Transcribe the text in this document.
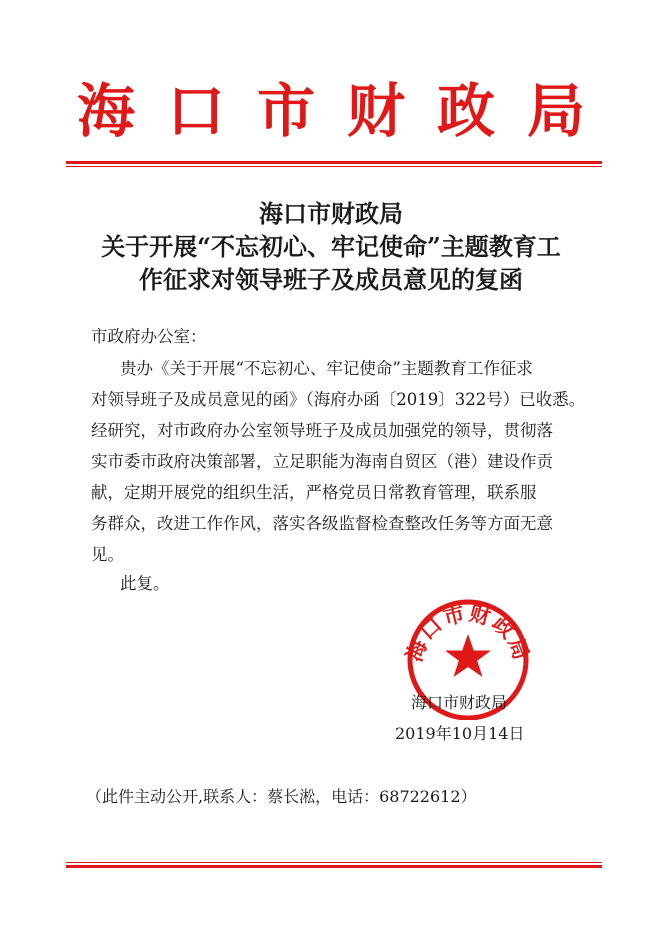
海口市财政局
海口市财政局
关于开展“不忘初心、牢记使命”主题教育工
作征求对领导班子及成员意见的复函
市政府办公室：
贵办《关于开展“不忘初心、牢记使命”主题教育工作征求
对领导班子及成员意见的函》（海府办函〔2019〕322号）已收悉。
经研究，对市政府办公室领导班子及成员加强党的领导，贯彻落
实市委市政府决策部署，立足职能为海南自贸区（港）建设作贡
献，定期开展党的组织生活，严格党员日常教育管理，联系服
务群众，改进工作作风，落实各级监督检查整改任务等方面无意
见。
此复。
海口市财政局
海口市财政局
2019年10月14日
（此件主动公开,联系人：蔡长淞，电话：68722612）
